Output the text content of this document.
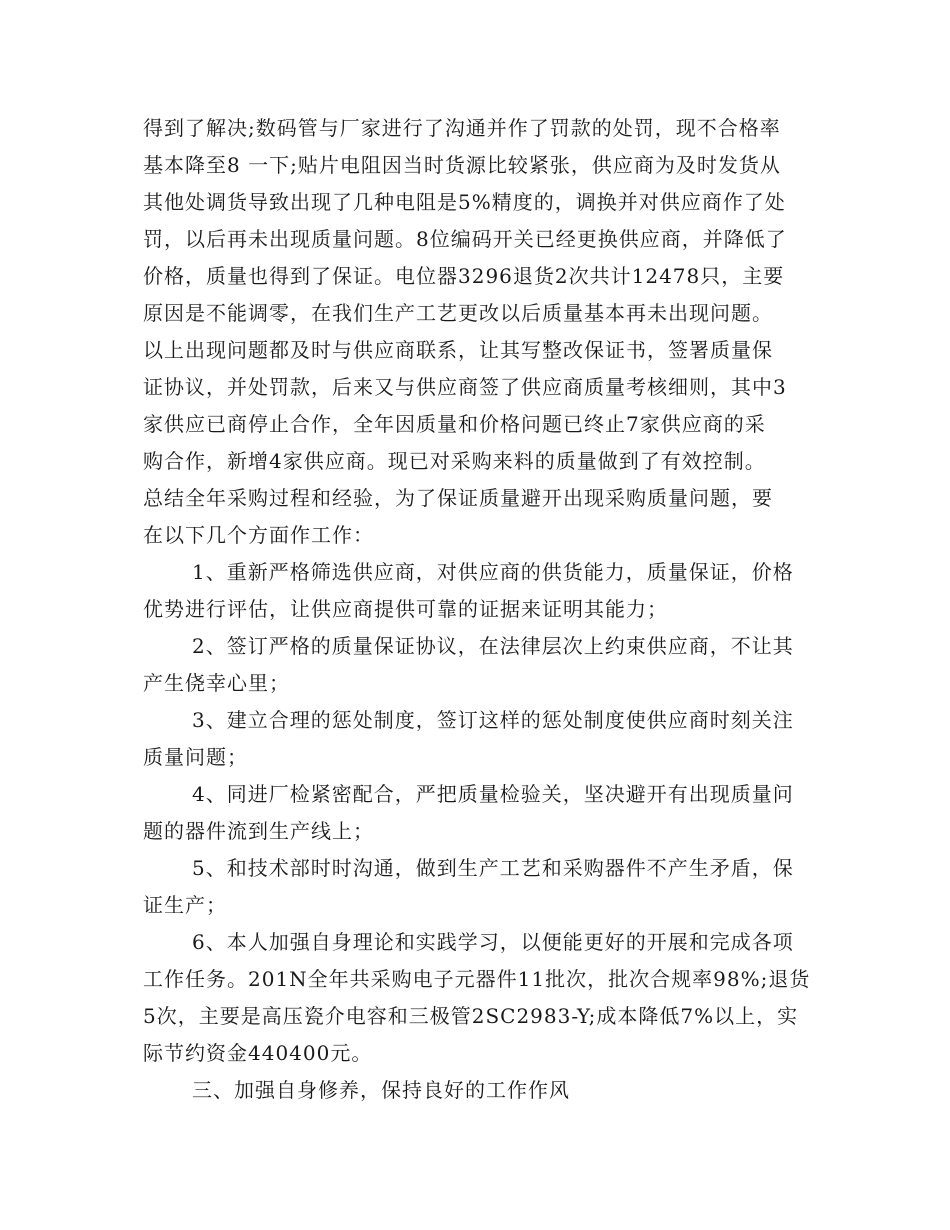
得到了解决;数码管与厂家进行了沟通并作了罚款的处罚，现不合格率
基本降至8 一下;贴片电阻因当时货源比较紧张，供应商为及时发货从
其他处调货导致出现了几种电阻是5%精度的，调换并对供应商作了处
罚，以后再未出现质量问题。8位编码开关已经更换供应商，并降低了
价格，质量也得到了保证。电位器3296退货2次共计12478只，主要
原因是不能调零，在我们生产工艺更改以后质量基本再未出现问题。
以上出现问题都及时与供应商联系，让其写整改保证书，签署质量保
证协议，并处罚款，后来又与供应商签了供应商质量考核细则，其中3
家供应已商停止合作，全年因质量和价格问题已终止7家供应商的采
购合作，新增4家供应商。现已对采购来料的质量做到了有效控制。
总结全年采购过程和经验，为了保证质量避开出现采购质量问题，要
在以下几个方面作工作：
1、重新严格筛选供应商，对供应商的供货能力，质量保证，价格
优势进行评估，让供应商提供可靠的证据来证明其能力；
2、签订严格的质量保证协议，在法律层次上约束供应商，不让其
产生侥幸心里；
3、建立合理的惩处制度，签订这样的惩处制度使供应商时刻关注
质量问题；
4、同进厂检紧密配合，严把质量检验关，坚决避开有出现质量问
题的器件流到生产线上；
5、和技术部时时沟通，做到生产工艺和采购器件不产生矛盾，保
证生产；
6、本人加强自身理论和实践学习，以便能更好的开展和完成各项
工作任务。201N全年共采购电子元器件11批次，批次合规率98%;退货
5次，主要是高压瓷介电容和三极管2SC2983-Y;成本降低7%以上，实
际节约资金440400元。
三、加强自身修养，保持良好的工作作风
